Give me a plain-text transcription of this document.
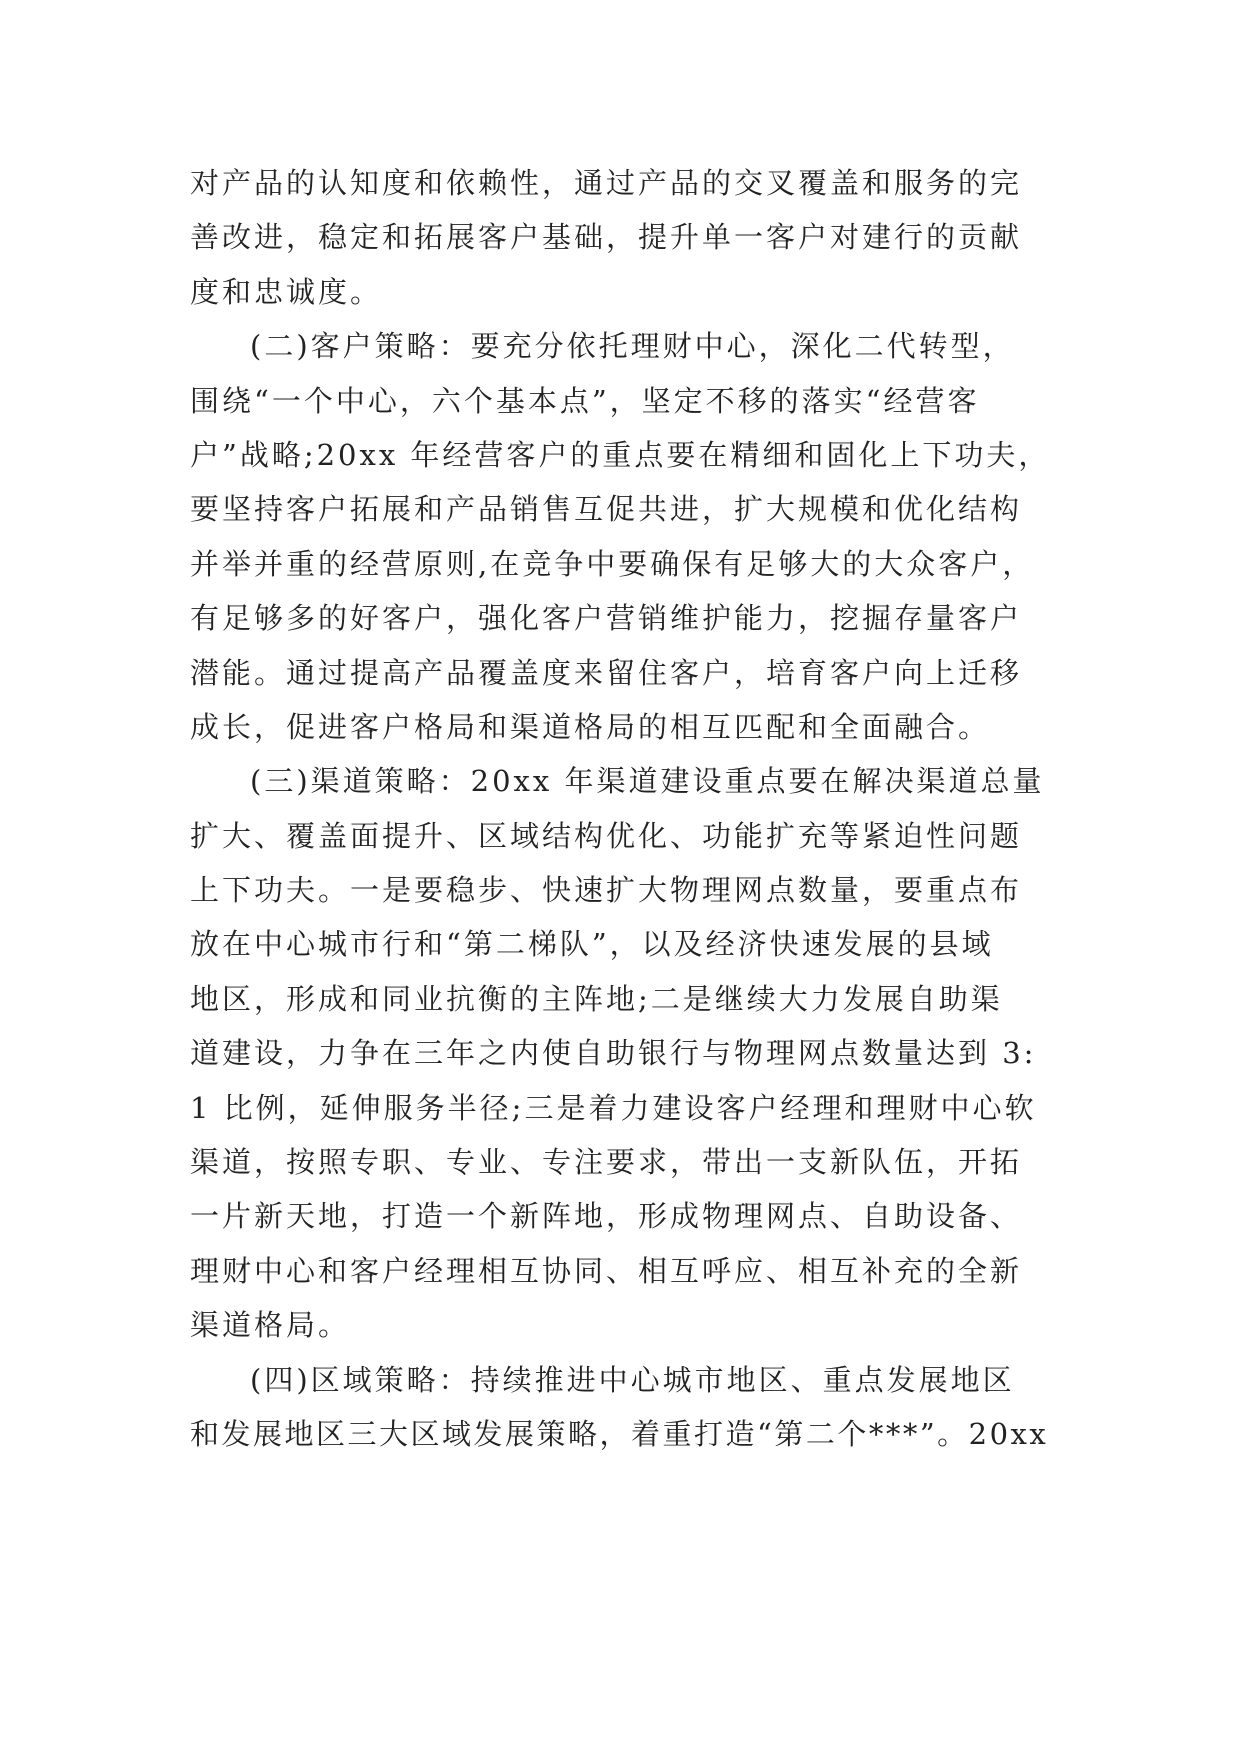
对产品的认知度和依赖性，通过产品的交叉覆盖和服务的完
善改进，稳定和拓展客户基础，提升单一客户对建行的贡献
度和忠诚度。
(二)客户策略：要充分依托理财中心，深化二代转型，
围绕“一个中心，六个基本点”，坚定不移的落实“经营客
户”战略;20xx 年经营客户的重点要在精细和固化上下功夫，
要坚持客户拓展和产品销售互促共进，扩大规模和优化结构
并举并重的经营原则,在竞争中要确保有足够大的大众客户，
有足够多的好客户，强化客户营销维护能力，挖掘存量客户
潜能。通过提高产品覆盖度来留住客户，培育客户向上迁移
成长，促进客户格局和渠道格局的相互匹配和全面融合。
(三)渠道策略：20xx 年渠道建设重点要在解决渠道总量
扩大、覆盖面提升、区域结构优化、功能扩充等紧迫性问题
上下功夫。一是要稳步、快速扩大物理网点数量，要重点布
放在中心城市行和“第二梯队”，以及经济快速发展的县域
地区，形成和同业抗衡的主阵地;二是继续大力发展自助渠
道建设，力争在三年之内使自助银行与物理网点数量达到 3:
1 比例，延伸服务半径;三是着力建设客户经理和理财中心软
渠道，按照专职、专业、专注要求，带出一支新队伍，开拓
一片新天地，打造一个新阵地，形成物理网点、自助设备、
理财中心和客户经理相互协同、相互呼应、相互补充的全新
渠道格局。
(四)区域策略：持续推进中心城市地区、重点发展地区
和发展地区三大区域发展策略，着重打造“第二个***”。20xx
